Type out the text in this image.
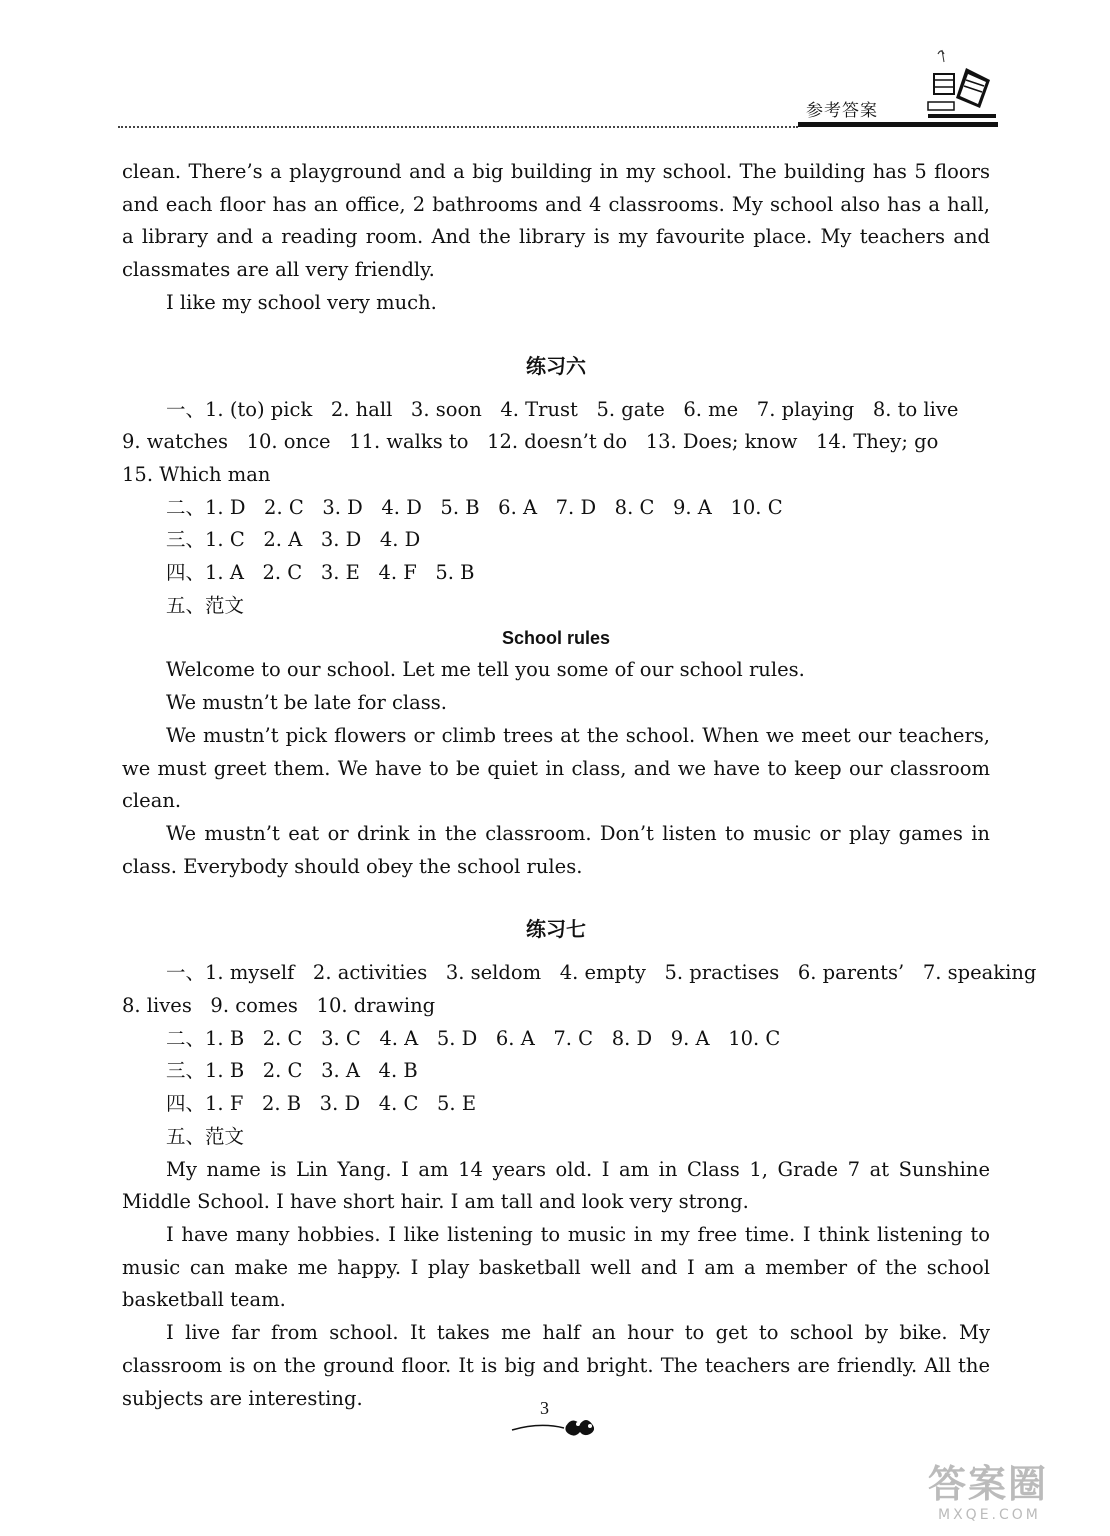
参考答案

clean. There’s a playground and a big building in my school. The building has 5 floors and each floor has an office, 2 bathrooms and 4 classrooms. My school also has a hall, a library and a reading room. And the library is my favourite place. My teachers and classmates are all very friendly.

I like my school very much.

练习六

一、1. (to) pick   2. hall   3. soon   4. Trust   5. gate   6. me   7. playing   8. to live

9. watches   10. once   11. walks to   12. doesn’t do   13. Does; know   14. They; go

15. Which man

二、1. D   2. C   3. D   4. D   5. B   6. A   7. D   8. C   9. A   10. C

三、1. C   2. A   3. D   4. D

四、1. A   2. C   3. E   4. F   5. B

五、范文

School rules

Welcome to our school. Let me tell you some of our school rules.

We mustn’t be late for class.

We mustn’t pick flowers or climb trees at the school. When we meet our teachers, we must greet them. We have to be quiet in class, and we have to keep our classroom clean.

We mustn’t eat or drink in the classroom. Don’t listen to music or play games in class. Everybody should obey the school rules.

练习七

一、1. myself   2. activities   3. seldom   4. empty   5. practises   6. parents’   7. speaking

8. lives   9. comes   10. drawing

二、1. B   2. C   3. C   4. A   5. D   6. A   7. C   8. D   9. A   10. C

三、1. B   2. C   3. A   4. B

四、1. F   2. B   3. D   4. C   5. E

五、范文

My name is Lin Yang. I am 14 years old. I am in Class 1, Grade 7 at Sunshine Middle School. I have short hair. I am tall and look very strong.

I have many hobbies. I like listening to music in my free time. I think listening to music can make me happy. I play basketball well and I am a member of the school basketball team.

I live far from school. It takes me half an hour to get to school by bike. My classroom is on the ground floor. It is big and bright. The teachers are friendly. All the subjects are interesting.	3
答案圈
MXQE.COM
